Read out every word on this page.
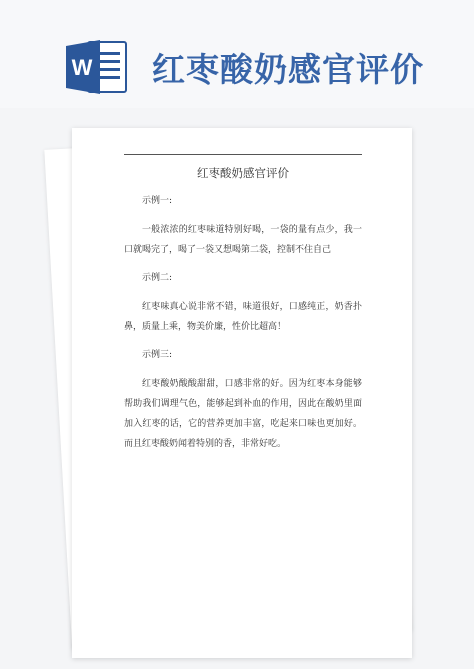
W 红枣酸奶感官评价
红枣酸奶感官评价
示例一:
一般浓浓的红枣味道特别好喝，一袋的量有点少，我一口就喝完了，喝了一袋又想喝第二袋，控制不住自己
示例二:
红枣味真心说非常不错，味道很好，口感纯正，奶香扑鼻，质量上乘，物美价廉，性价比超高！
示例三:
红枣酸奶酸酸甜甜，口感非常的好。因为红枣本身能够帮助我们调理气色，能够起到补血的作用，因此在酸奶里面加入红枣的话，它的营养更加丰富，吃起来口味也更加好。而且红枣酸奶闻着特别的香，非常好吃。
